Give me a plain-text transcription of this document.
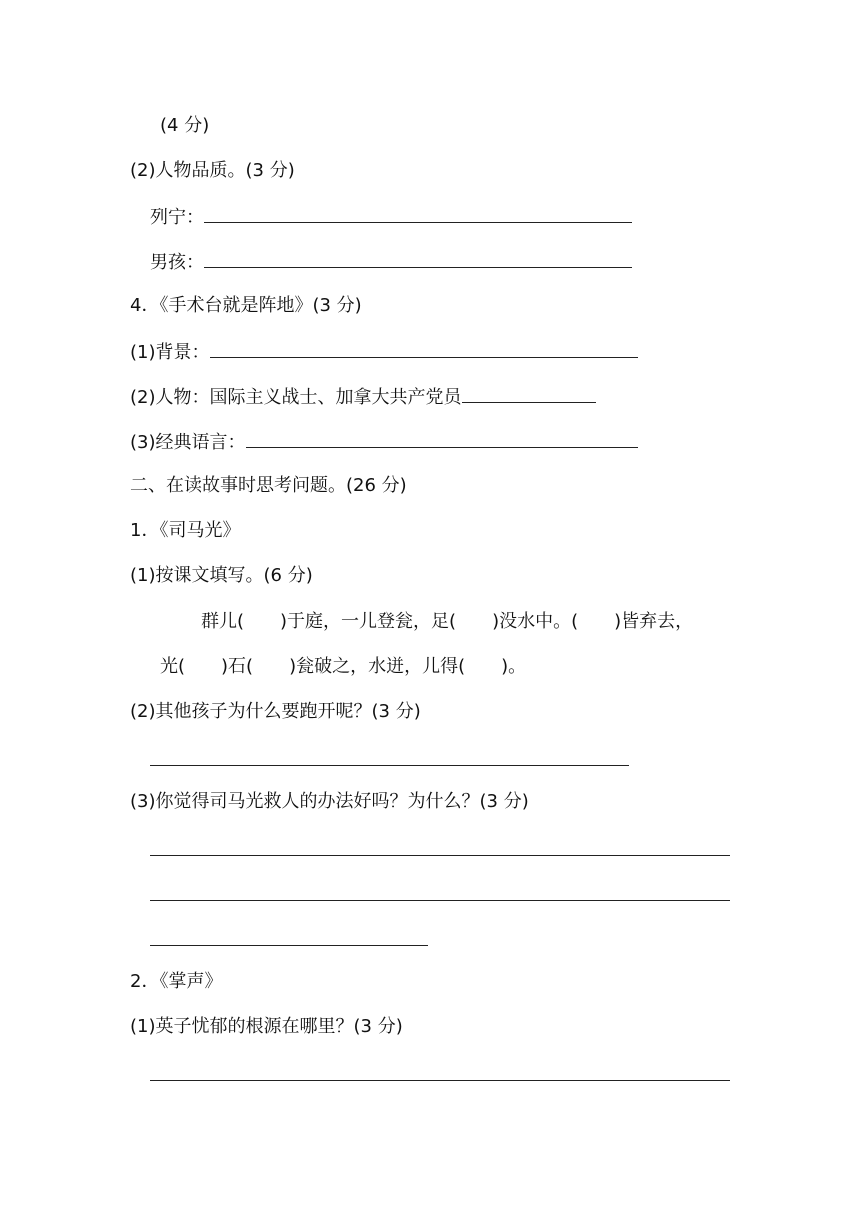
(4 分)
(2)人物品质。(3 分)
列宁：
男孩：
4．《手术台就是阵地》(3 分)
(1)背景：
(2)人物：国际主义战士、加拿大共产党员
(3)经典语言：
二、在读故事时思考问题。(26 分)
1．《司马光》
(1)按课文填写。(6 分)
群儿( )于庭，一儿登瓮，足( )没水中。( )皆弃去，
光( )石( )瓮破之，水迸，儿得( )。
(2)其他孩子为什么要跑开呢？(3 分)
(3)你觉得司马光救人的办法好吗？为什么？(3 分)
2．《掌声》
(1)英子忧郁的根源在哪里？(3 分)
